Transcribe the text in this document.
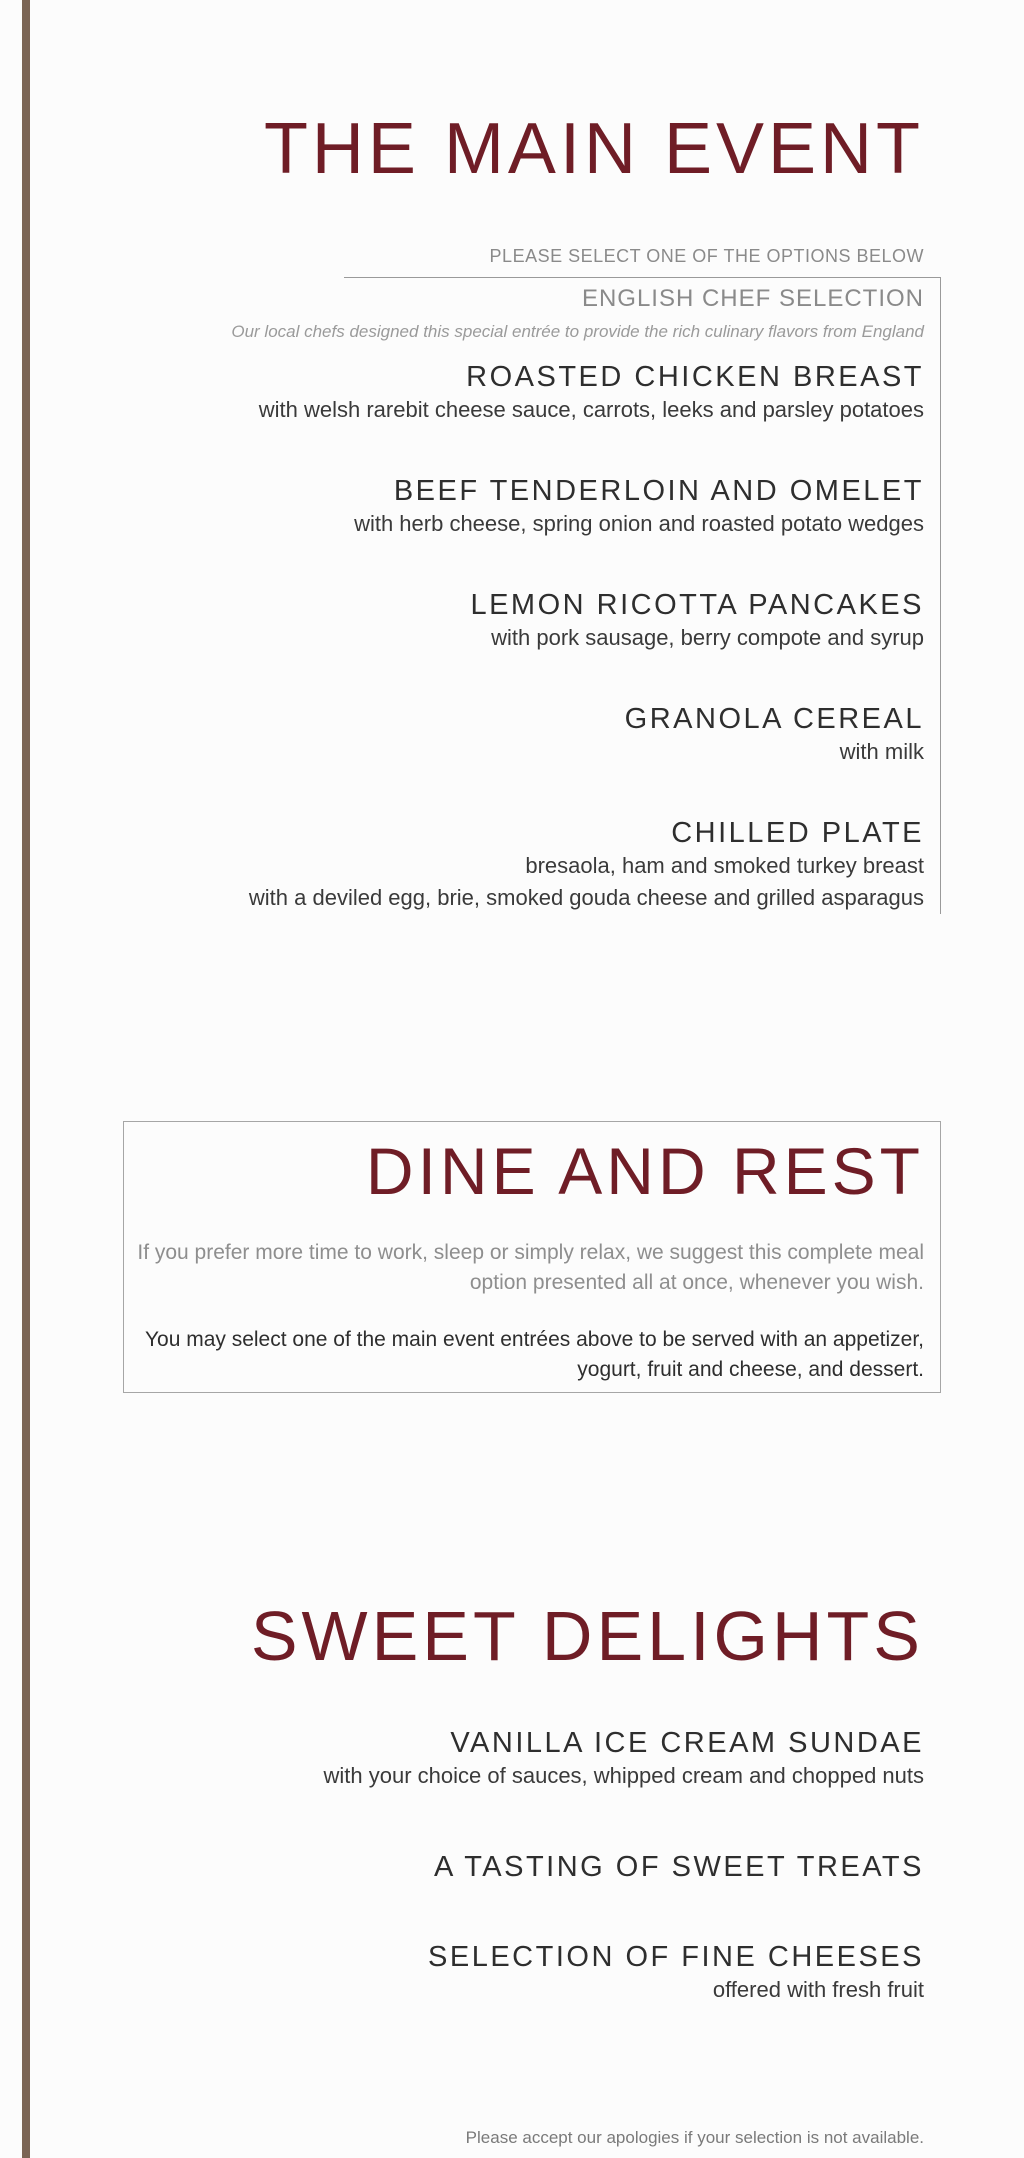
THE MAIN EVENT
PLEASE SELECT ONE OF THE OPTIONS BELOW
ENGLISH CHEF SELECTION
Our local chefs designed this special entrée to provide the rich culinary flavors from England
ROASTED CHICKEN BREAST
with welsh rarebit cheese sauce, carrots, leeks and parsley potatoes
BEEF TENDERLOIN AND OMELET
with herb cheese, spring onion and roasted potato wedges
LEMON RICOTTA PANCAKES
with pork sausage, berry compote and syrup
GRANOLA CEREAL
with milk
CHILLED PLATE
bresaola, ham and smoked turkey breast
with a deviled egg, brie, smoked gouda cheese and grilled asparagus
DINE AND REST
If you prefer more time to work, sleep or simply relax, we suggest this complete meal option presented all at once, whenever you wish.
You may select one of the main event entrées above to be served with an appetizer, yogurt, fruit and cheese, and dessert.
SWEET DELIGHTS
VANILLA ICE CREAM SUNDAE
with your choice of sauces, whipped cream and chopped nuts
A TASTING OF SWEET TREATS
SELECTION OF FINE CHEESES
offered with fresh fruit
Please accept our apologies if your selection is not available.
